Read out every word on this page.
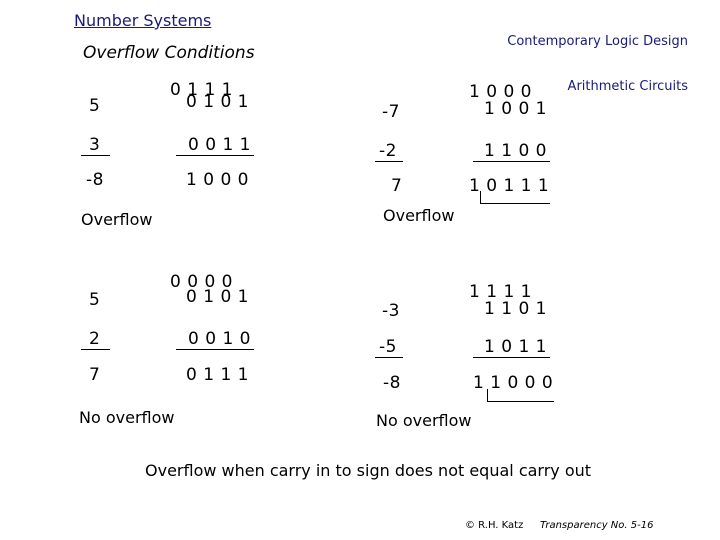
Number Systems

Contemporary Logic Design

Arithmetic Circuits

Overflow Conditions
0 1 1 1
5	0 1 0 1
3	0 0 1 1
-8	1 0 0 0
Overflow
1 0 0 0
-7	1 0 0 1
-2	1 1 0 0
7	1 0 1 1 1
Overflow
0 0 0 0
5	0 1 0 1
2	0 0 1 0
7	0 1 1 1
No overflow
1 1 1 1
-3	1 1 0 1
-5	1 0 1 1
-8	1 1 0 0 0
No overflow
Overflow when carry in to sign does not equal carry out
© R.H. Katz Transparency No. 5-16
